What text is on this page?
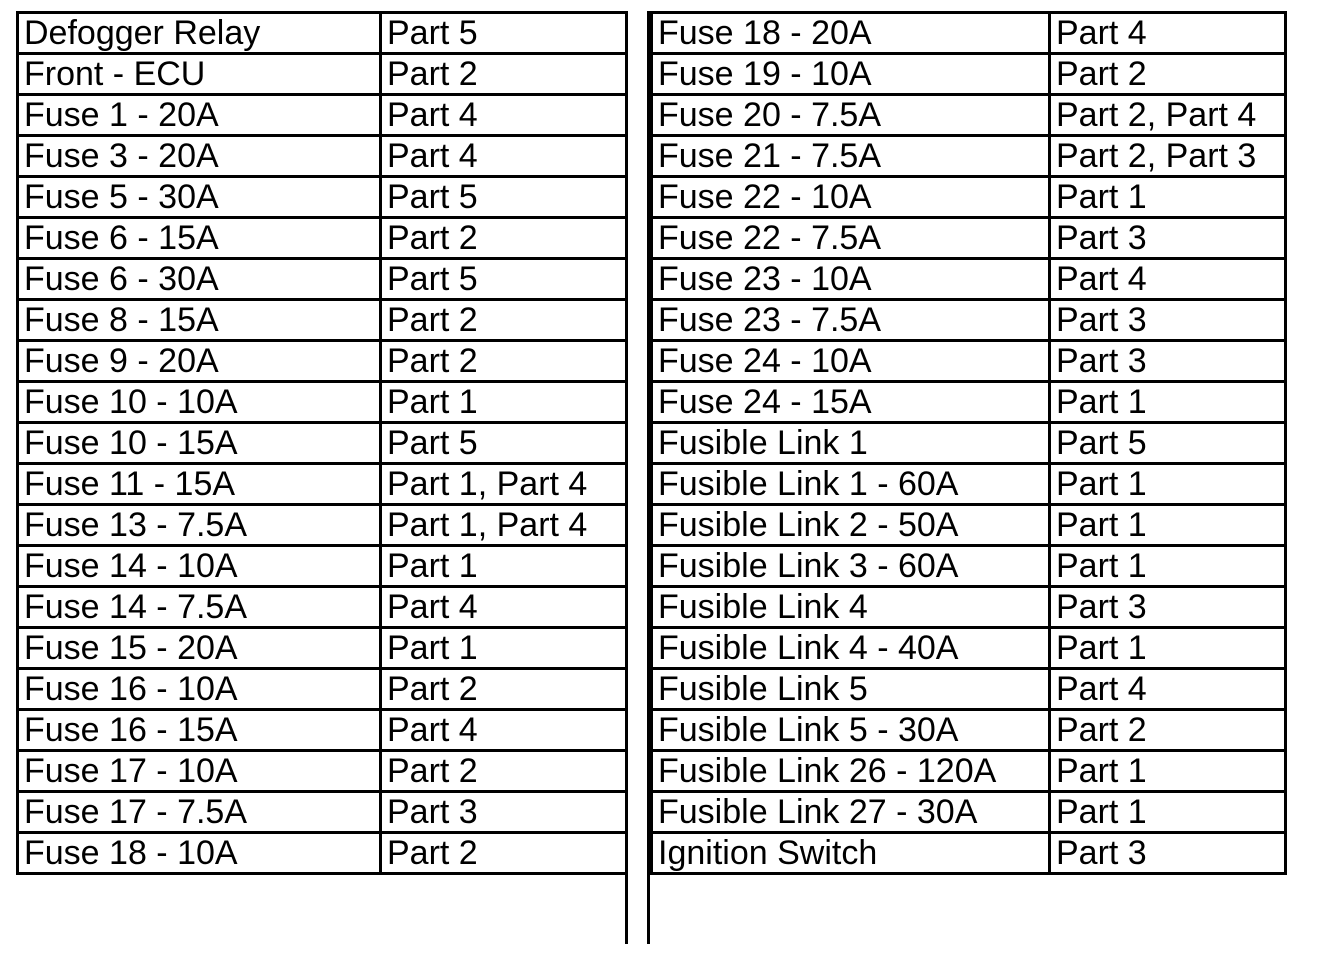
Defogger Relay	Part 5
Front - ECU	Part 2
Fuse 1 - 20A	Part 4
Fuse 3 - 20A	Part 4
Fuse 5 - 30A	Part 5
Fuse 6 - 15A	Part 2
Fuse 6 - 30A	Part 5
Fuse 8 - 15A	Part 2
Fuse 9 - 20A	Part 2
Fuse 10 - 10A	Part 1
Fuse 10 - 15A	Part 5
Fuse 11 - 15A	Part 1, Part 4
Fuse 13 - 7.5A	Part 1, Part 4
Fuse 14 - 10A	Part 1
Fuse 14 - 7.5A	Part 4
Fuse 15 - 20A	Part 1
Fuse 16 - 10A	Part 2
Fuse 16 - 15A	Part 4
Fuse 17 - 10A	Part 2
Fuse 17 - 7.5A	Part 3
Fuse 18 - 10A	Part 2
Fuse 18 - 20A	Part 4
Fuse 19 - 10A	Part 2
Fuse 20 - 7.5A	Part 2, Part 4
Fuse 21 - 7.5A	Part 2, Part 3
Fuse 22 - 10A	Part 1
Fuse 22 - 7.5A	Part 3
Fuse 23 - 10A	Part 4
Fuse 23 - 7.5A	Part 3
Fuse 24 - 10A	Part 3
Fuse 24 - 15A	Part 1
Fusible Link 1	Part 5
Fusible Link 1 - 60A	Part 1
Fusible Link 2 - 50A	Part 1
Fusible Link 3 - 60A	Part 1
Fusible Link 4	Part 3
Fusible Link 4 - 40A	Part 1
Fusible Link 5	Part 4
Fusible Link 5 - 30A	Part 2
Fusible Link 26 - 120A	Part 1
Fusible Link 27 - 30A	Part 1
Ignition Switch	Part 3
